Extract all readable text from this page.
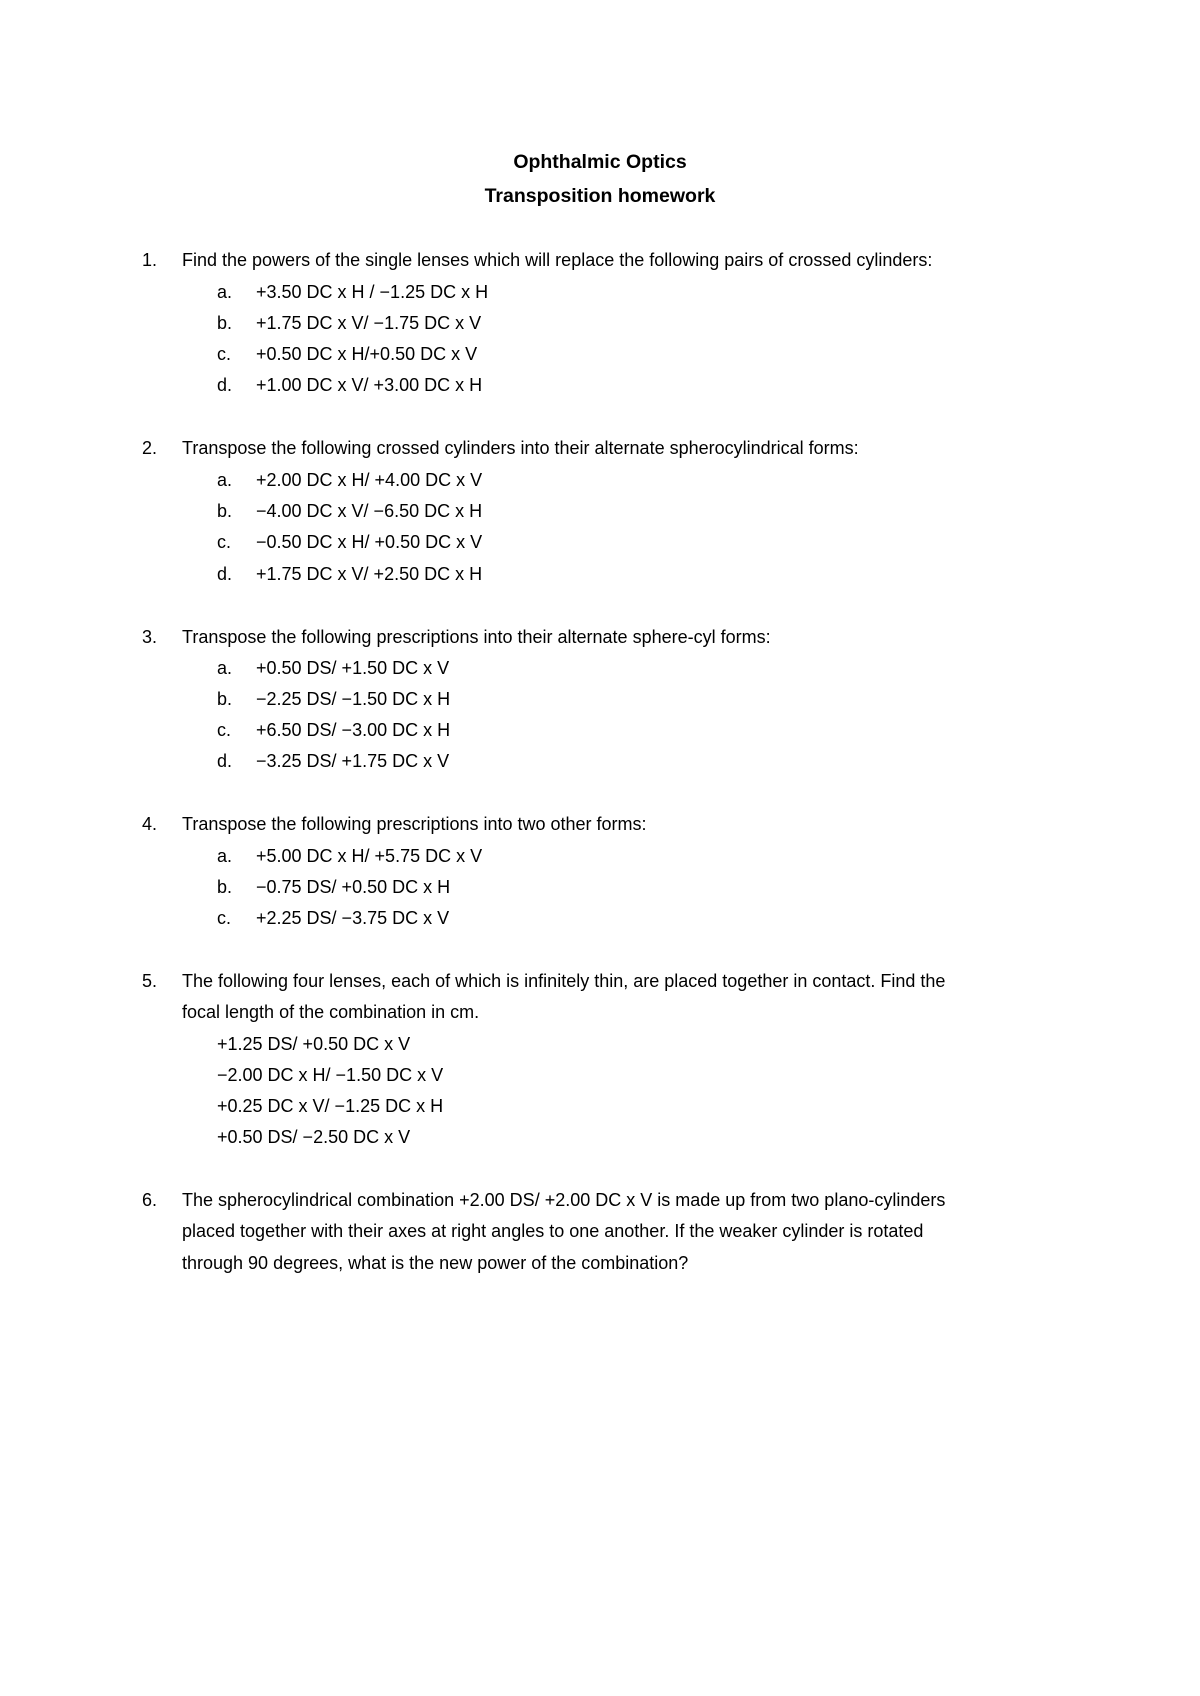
Ophthalmic Optics
Transposition homework
1. Find the powers of the single lenses which will replace the following pairs of crossed cylinders:
a. +3.50 DC x H / −1.25 DC x H
b. +1.75 DC x V/ −1.75 DC x V
c. +0.50 DC x H/+0.50 DC x V
d. +1.00 DC x V/ +3.00 DC x H
2. Transpose the following crossed cylinders into their alternate spherocylindrical forms:
a. +2.00 DC x H/ +4.00 DC x V
b. −4.00 DC x V/ −6.50 DC x H
c. −0.50 DC x H/ +0.50 DC x V
d. +1.75 DC x V/ +2.50 DC x H
3. Transpose the following prescriptions into their alternate sphere-cyl forms:
a. +0.50 DS/ +1.50 DC x V
b. −2.25 DS/ −1.50 DC x H
c. +6.50 DS/ −3.00 DC x H
d. −3.25 DS/ +1.75 DC x V
4. Transpose the following prescriptions into two other forms:
a. +5.00 DC x H/ +5.75 DC x V
b. −0.75 DS/ +0.50 DC x H
c. +2.25 DS/ −3.75 DC x V
5. The following four lenses, each of which is infinitely thin, are placed together in contact. Find the
focal length of the combination in cm.
+1.25 DS/ +0.50 DC x V
−2.00 DC x H/ −1.50 DC x V
+0.25 DC x V/ −1.25 DC x H
+0.50 DS/ −2.50 DC x V
6. The spherocylindrical combination +2.00 DS/ +2.00 DC x V is made up from two plano-cylinders
placed together with their axes at right angles to one another. If the weaker cylinder is rotated
through 90 degrees, what is the new power of the combination?
